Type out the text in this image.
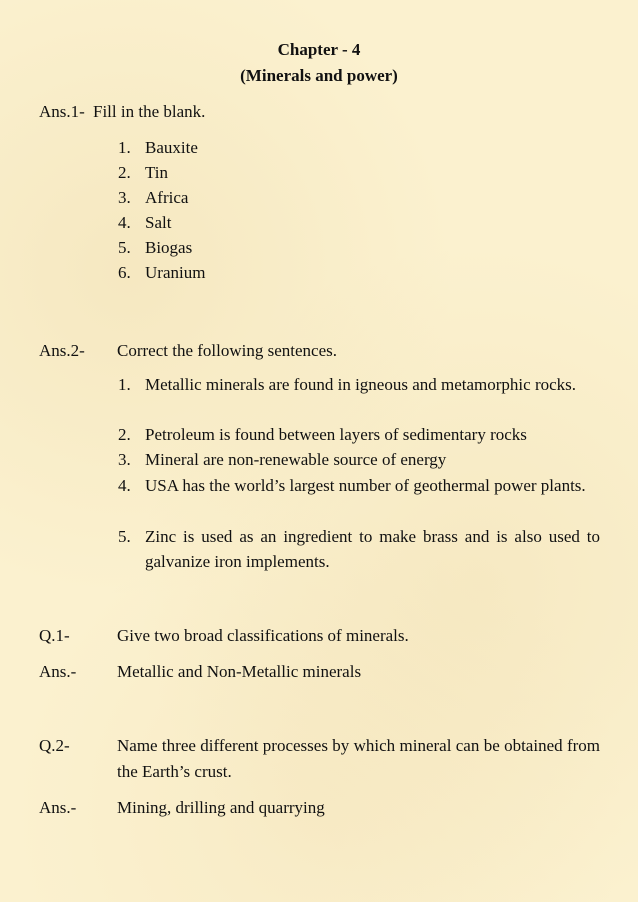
Chapter - 4
(Minerals and power)
Ans.1- Fill in the blank.
1. Bauxite
2. Tin
3. Africa
4. Salt
5. Biogas
6. Uranium
Ans.2- Correct the following sentences.
1. Metallic minerals are found in igneous and metamorphic rocks.
2. Petroleum is found between layers of sedimentary rocks
3. Mineral are non-renewable source of energy
4. USA has the world’s largest number of geothermal power plants.
5. Zinc is used as an ingredient to make brass and is also used to galvanize iron implements.
Q.1-	Give two broad classifications of minerals.
Ans.- Metallic and Non-Metallic minerals
Q.2-	Name three different processes by which mineral can be obtained from the Earth’s crust.
Ans.- Mining, drilling and quarrying
